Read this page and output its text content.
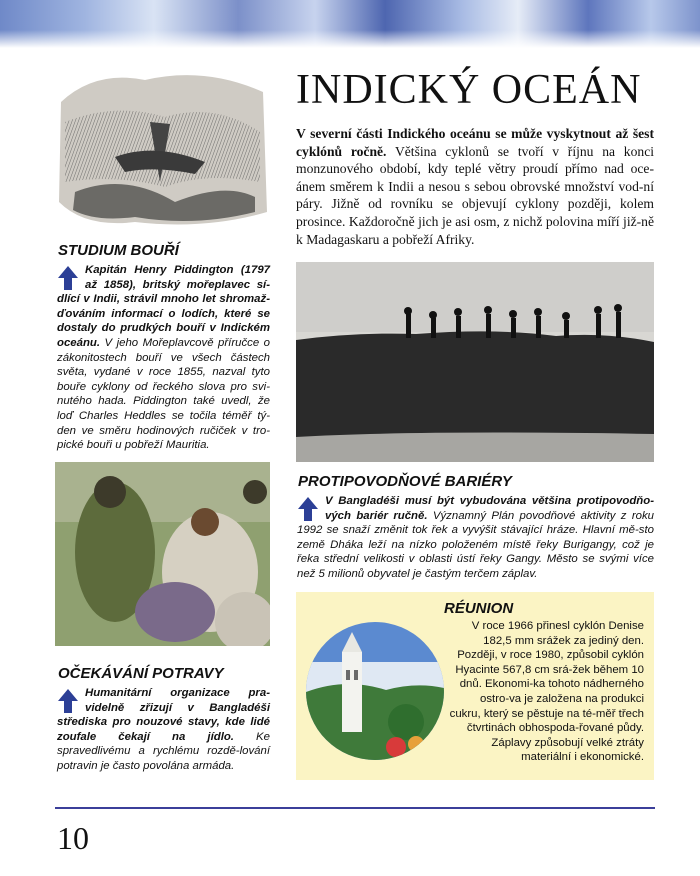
INDICKÝ OCEÁN
V severní části Indického oceánu se může vyskytnout až šest cyklónů ročně. Většina cyklonů se tvoří v říjnu na konci monzunového období, kdy teplé větry proudí přímo nad oce-ánem směrem k Indii a nesou s sebou obrovské množství vod-ní páry. Jižně od rovníku se objevují cyklony později, kolem prosince. Každoročně jich je asi osm, z nichž polovina míří již-ně k Madagaskaru a pobřeží Afriky.
STUDIUM BOUŘÍ
Kapitán Henry Piddington (1797 až 1858), britský mořeplavec sí-dlící v Indii, strávil mnoho let shromaž-ďováním informací o lodích, které se dostaly do prudkých bouří v Indickém oceánu. V jeho Mořeplavcově příručce o zákonitostech bouří ve všech částech světa, vydané v roce 1855, nazval tyto bouře cyklony od řeckého slova pro svi-nutého hada. Piddington také uvedl, že loď Charles Heddles se točila téměř tý-den ve směru hodinových ručiček v tro-pické bouři u pobřeží Mauritia.
PROTIPOVODŇOVÉ BARIÉRY
V Bangladéši musí být vybudována většina protipovodňo-vých bariér ručně. Významný Plán povodňové aktivity z roku 1992 se snaží změnit tok řek a vyvýšit stávající hráze. Hlavní mě-sto země Dháka leží na nízko položeném místě řeky Burigangy, což je řeka střední velikosti v oblasti ústí řeky Gangy. Město se svými více než 5 milionů obyvatel je častým terčem záplav.
OČEKÁVÁNÍ POTRAVY
Humanitární organizace pra-videlně zřizují v Bangladéši střediska pro nouzové stavy, kde lidé zoufale čekají na jídlo. Ke spravedlivému a rychlému rozdě-lování potravin je často povolána armáda.
RÉUNION
V roce 1966 přinesl cyklón Denise 182,5 mm srážek za jediný den. Později, v roce 1980, způsobil cyklón Hyacinte 567,8 cm srá-žek během 10 dnů. Ekonomi-ka tohoto nádherného ostro-va je založena na produkci cukru, který se pěstuje na té-měř třech čtvrtinách obhospoda-řované půdy. Záplavy způsobují velké ztráty materiální i ekonomické.
10
